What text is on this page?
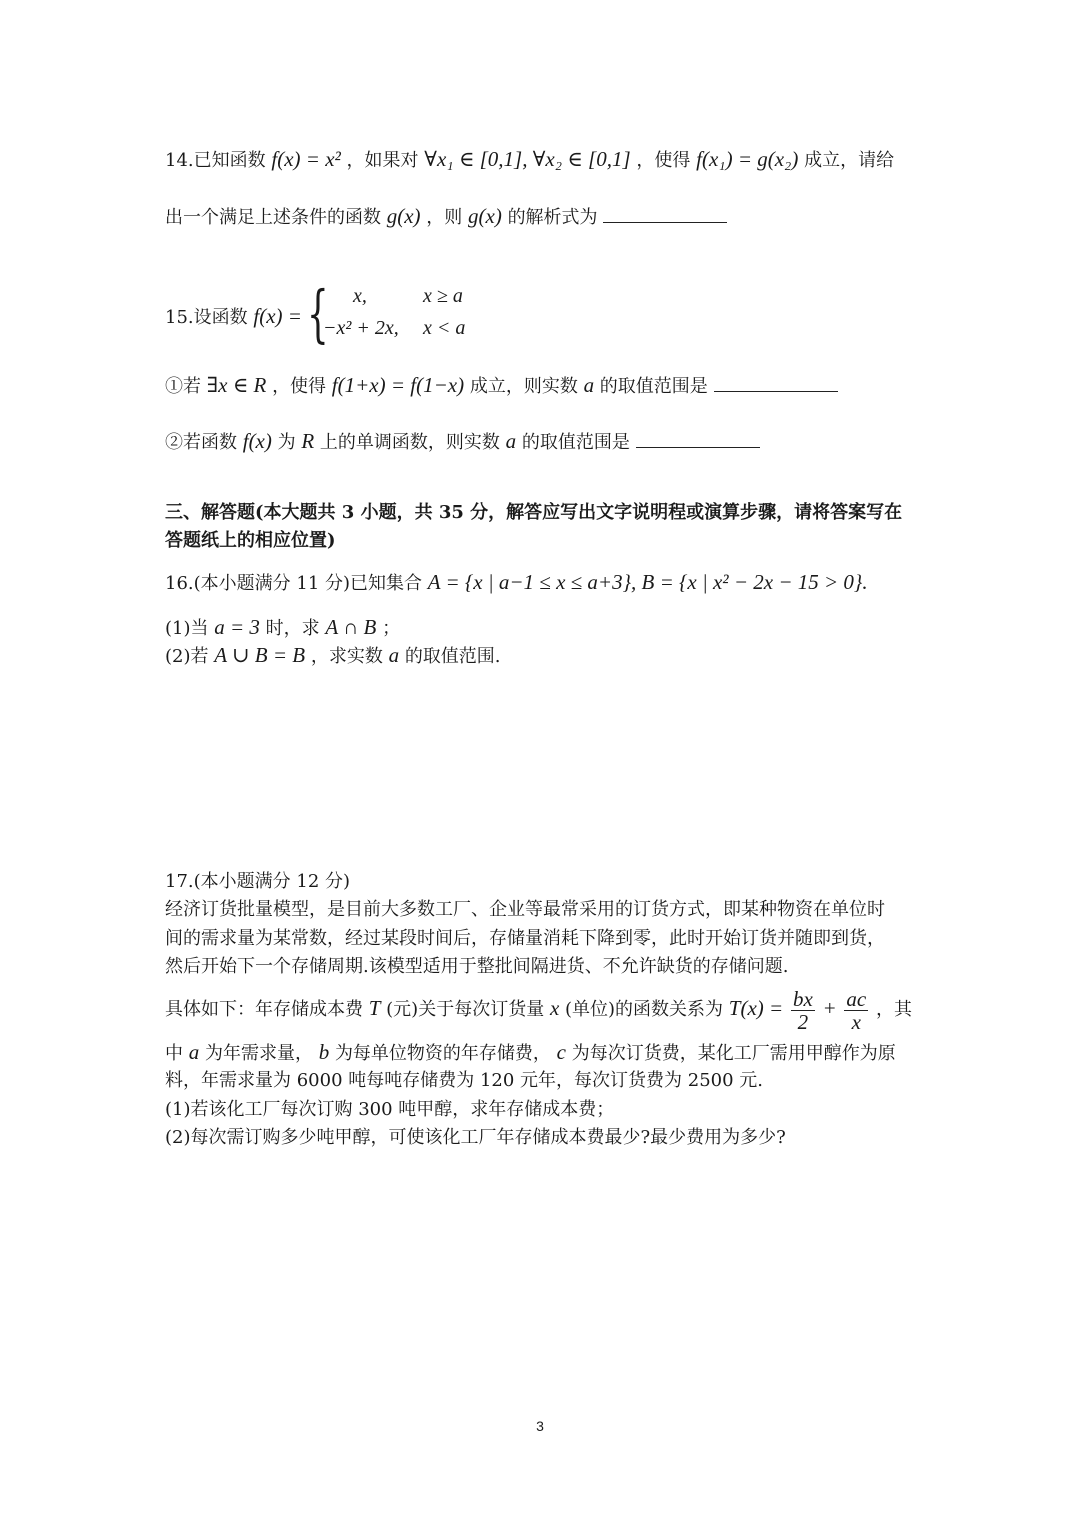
14.已知函数 f(x) = x² ，如果对 ∀x₁ ∈ [0,1], ∀x₂ ∈ [0,1] ，使得 f(x₁) = g(x₂) 成立，请给
出一个满足上述条件的函数 g(x) ，则 g(x) 的解析式为
15.设函数 f(x) = {	x,	x ≥ a
−x² + 2x, x < a
①若 ∃x ∈ R ，使得 f(1+x) = f(1−x) 成立，则实数 a 的取值范围是
②若函数 f(x) 为 R 上的单调函数，则实数 a 的取值范围是
三、解答题(本大题共 3 小题，共 35 分，解答应写出文字说明程或演算步骤，请将答案写在
答题纸上的相应位置)
16.(本小题满分 11 分)已知集合 A = {x | a−1 ≤ x ≤ a+3}, B = {x | x² − 2x − 15 > 0}.
(1)当 a = 3 时，求 A ∩ B ；
(2)若 A ∪ B = B ，求实数 a 的取值范围.
17.(本小题满分 12 分)
经济订货批量模型，是目前大多数工厂、企业等最常采用的订货方式，即某种物资在单位时
间的需求量为某常数，经过某段时间后，存储量消耗下降到零，此时开始订货并随即到货，
然后开始下一个存储周期.该模型适用于整批间隔进货、不允许缺货的存储问题.
具体如下：年存储成本费 T (元)关于每次订货量 x (单位)的函数关系为 $T(x) = \frac{bx}{2} + \frac{ac}{x}$ ，其
中 a 为年需求量， b 为每单位物资的年存储费， c 为每次订货费，某化工厂需用甲醇作为原
料，年需求量为 6000 吨每吨存储费为 120 元年，每次订货费为 2500 元.
(1)若该化工厂每次订购 300 吨甲醇，求年存储成本费；
(2)每次需订购多少吨甲醇，可使该化工厂年存储成本费最少?最少费用为多少?
3
